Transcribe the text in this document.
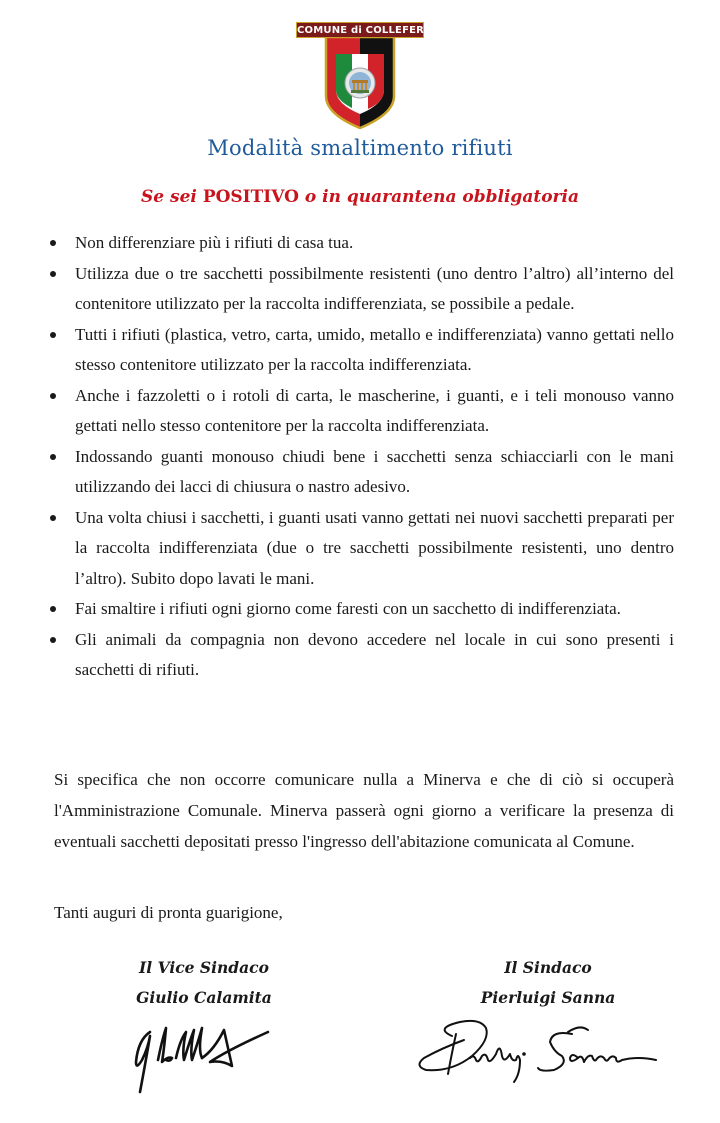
COMUNE di COLLEFERRO
Modalità smaltimento rifiuti
Se sei POSITIVO o in quarantena obbligatoria
Non differenziare più i rifiuti di casa tua.
Utilizza due o tre sacchetti possibilmente resistenti (uno dentro l’altro) all’interno del contenitore utilizzato per la raccolta indifferenziata, se possibile a pedale.
Tutti i rifiuti (plastica, vetro, carta, umido, metallo e indifferenziata) vanno gettati nello stesso contenitore utilizzato per la raccolta indifferenziata.
Anche i fazzoletti o i rotoli di carta, le mascherine, i guanti, e i teli monouso vanno gettati nello stesso contenitore per la raccolta indifferenziata.
Indossando guanti monouso chiudi bene i sacchetti senza schiacciarli con le mani utilizzando dei lacci di chiusura o nastro adesivo.
Una volta chiusi i sacchetti, i guanti usati vanno gettati nei nuovi sacchetti preparati per la raccolta indifferenziata (due o tre sacchetti possibilmente resistenti, uno dentro l’altro). Subito dopo lavati le mani.
Fai smaltire i rifiuti ogni giorno come faresti con un sacchetto di indifferenziata.
Gli animali da compagnia non devono accedere nel locale in cui sono presenti i sacchetti di rifiuti.

Si specifica che non occorre comunicare nulla a Minerva e che di ciò si occuperà l'Amministrazione Comunale. Minerva passerà ogni giorno a verificare la presenza di eventuali sacchetti depositati presso l'ingresso dell'abitazione comunicata al Comune.

Tanti auguri di pronta guarigione,

Il Vice Sindaco
Giulio Calamita
Il Sindaco
Pierluigi Sanna
